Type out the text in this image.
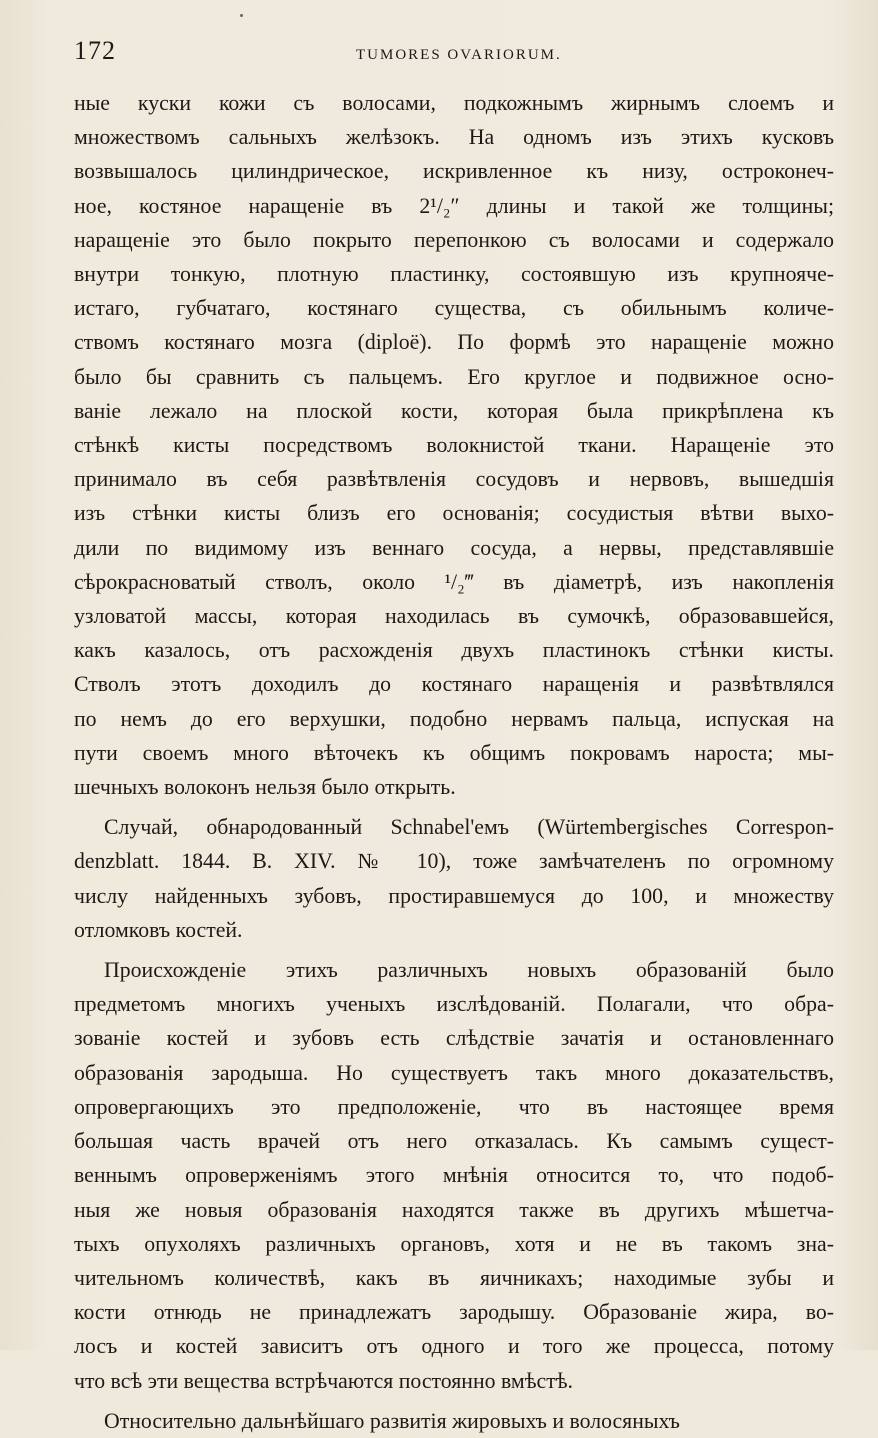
172	TUMORES OVARIORUM.

ные куски кожи съ волосами, подкожнымъ жирнымъ слоемъ и
множествомъ сальныхъ желѣзокъ. На одномъ изъ этихъ кусковъ
возвышалось цилиндрическое, искривленное къ низу, остроконеч-
ное, костяное наращеніе въ 2¹/₂″ длины и такой же толщины;
наращеніе это было покрыто перепонкою съ волосами и содержало
внутри тонкую, плотную пластинку, состоявшую изъ крупнояче-
истаго, губчатаго, костянаго существа, съ обильнымъ количе-
ствомъ костянаго мозга (diploë). По формѣ это наращеніе можно
было бы сравнить съ пальцемъ. Его круглое и подвижное осно-
ваніе лежало на плоской кости, которая была прикрѣплена къ
стѣнкѣ кисты посредствомъ волокнистой ткани. Наращеніе это
принимало въ себя развѣтвленія сосудовъ и нервовъ, вышедшія
изъ стѣнки кисты близъ его основанія; сосудистыя вѣтви выхо-
дили по видимому изъ веннаго сосуда, а нервы, представлявшіе
сѣрокрасноватый стволъ, около ¹/₂‴ въ діаметрѣ, изъ накопленія
узловатой массы, которая находилась въ сумочкѣ, образовавшейся,
какъ казалось, отъ расхожденія двухъ пластинокъ стѣнки кисты.
Стволъ этотъ доходилъ до костянаго наращенія и развѣтвлялся
по немъ до его верхушки, подобно нервамъ пальца, испуская на
пути своемъ много вѣточекъ къ общимъ покровамъ нароста; мы-
шечныхъ волоконъ нельзя было открыть.

Случай, обнародованный Schnabel'емъ (Würtembergisches Correspon-
denzblatt. 1844. B. XIV. № 10), тоже замѣчателенъ по огромному
числу найденныхъ зубовъ, простиравшемуся до 100, и множеству
отломковъ костей.

Происхожденіе этихъ различныхъ новыхъ образованій было
предметомъ многихъ ученыхъ изслѣдованій. Полагали, что обра-
зованіе костей и зубовъ есть слѣдствіе зачатія и остановленнаго
образованія зародыша. Но существуетъ такъ много доказательствъ,
опровергающихъ это предположеніе, что въ настоящее время
большая часть врачей отъ него отказалась. Къ самымъ сущест-
веннымъ опроверженіямъ этого мнѣнія относится то, что подоб-
ныя же новыя образованія находятся также въ другихъ мѣшетча-
тыхъ опухоляхъ различныхъ органовъ, хотя и не въ такомъ зна-
чительномъ количествѣ, какъ въ яичникахъ; находимые зубы и
кости отнюдь не принадлежатъ зародышу. Образованіе жира, во-
лосъ и костей зависитъ отъ одного и того же процесса, потому
что всѣ эти вещества встрѣчаются постоянно вмѣстѣ.

Относительно дальнѣйшаго развитія жировыхъ и волосяныхъ
